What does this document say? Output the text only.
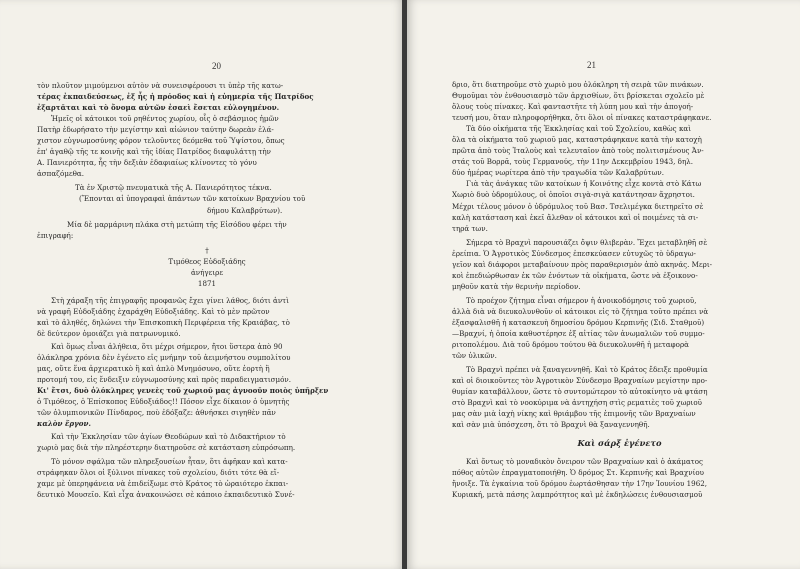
20

τὸν πλοῦτον μιμούμενοι αὐτὸν νὰ συνεισφέρουσι τι ὑπὲρ τῆς κατω-
τέρας ἐκπαιδεύσεως, ἐξ ἧς ἡ πρόοδος καὶ ἡ εὐημερία τῆς Πατρίδος
ἐξαρτᾶται καὶ τὸ ὄνομα αὐτῶν ἐσαεὶ ἔσεται εὐλογημένον.

Ἡμεῖς οἱ κάτοικοι τοῦ ρηθέντος χωρίου, οἷς ὁ σεβάσμιος ἡμῶν
Πατὴρ ἐδωρήσατο τὴν μεγίστην καὶ αἰώνιον ταύτην δωρεὰν ἐλά-
χιστον εὐγνωμοσύνης φόρον τελοῦντες δεόμεθα τοῦ Ὑψίστου, ὅπως
ἐπ' ἀγαθῷ τῆς τε κοινῆς καὶ τῆς ἰδίας Πατρίδος διαφυλάττῃ τὴν
Α. Πανιερότητα, ἧς τὴν δεξιὰν ἐδαφιαίως κλίνοντες τὸ γόνυ
ἀσπαζόμεθα.

Τὰ ἐν Χριστῷ πνευματικὰ τῆς Α. Πανιερότητος τέκνα.

(Ἕπονται αἱ ὑπογραφαὶ ἁπάντων τῶν κατοίκων Βραχνίου τοῦ
δήμου Καλαβρύτων).

Μία δὲ μαρμάρινη πλάκα στὴ μετώπη τῆς Εἰσόδου φέρει τὴν
ἐπιγραφή:

†
Τιμόθεος Εὐδοξιάδης
ἀνήγειρε
1871

Στὴ χάραξη τῆς ἐπιγραφῆς προφανῶς ἔχει γίνει λάθος, διότι ἀντὶ
νὰ γραφῆ Εὐδοξιάδης ἐχαράχθη Εὐδοξιάδης. Καὶ τὸ μὲν πρῶτον
καὶ τὸ ἀληθές, δηλώνει τὴν Ἐπισκοπικὴ Περιφέρεια τῆς Κραιάβας, τὸ
δὲ δεύτερον ὁμοιάζει γιὰ πατρωνυμικό.

Καὶ ὅμως εἶναι ἀλήθεια, ὅτι μέχρι σήμερον, ἤτοι ὕστερα ἀπὸ 90
ὁλάκληρα χρόνια δὲν ἐγένετο εἰς μνήμην τοῦ ἀειμνήστου συμπολίτου
μας, οὔτε ἕνα ἀρχιερατικὸ ἢ καὶ ἁπλὸ Μνημόσυνο, οὔτε ἑορτὴ ἢ
προτομή του, εἰς ἔνδειξιν εὐγνωμοσύνης καὶ πρὸς παραδειγματισμόν.
Κι' ἔτσι, δυὸ ὁλόκληρες γενεὲς τοῦ χωριοῦ μας ἀγνοοῦν ποιὸς ὑπῆρξεν
ὁ Τιμόθεος, ὁ Ἐπίσκοπος Εὐδοξιάδος!! Πόσον εἶχε δίκαιον ὁ ὑμνητὴς
τῶν ὀλυμπιονικῶν Πίνδαρος, ποὺ ἐδόξαζε: ἀθνήσκει σιγηθὲν πᾶν
καλὸν ἔργον.

Καὶ τὴν Ἐκκλησίαν τῶν ἁγίων Θεοδώρων καὶ τὸ Διδακτήριον τὸ
χωριὸ μας διὰ τὴν πληρέστερην διατηροῦσε σὲ κατάσταση εὐπρόσωπη.

Τὸ μόνον σφάλμα τῶν πληρεξουσίων ἦταν, ὅτι ἀφῆκαν καὶ κατα-
στράφηκαν ὅλοι οἱ ξύλινοι πίνακες τοῦ σχολείου, διότι τότε θὰ εἴ-
χαμε μὲ ὑπερηφάνεια νὰ ἐπιδείξωμε στὸ Κράτος τὸ ὡραιότερο ἐκπαι-
δευτικὸ Μουσεῖο. Καὶ εἶχα ἀνακοινώσει σὲ κάποιο ἐκπαιδευτικὸ Συνέ-

21

δριο, ὅτι διατηροῦμε στὸ χωριὸ μου ὁλόκληρη τὴ σειρὰ τῶν πινάκων.
Θυμοῦμαι τὸν ἐνθουσιασμὸ τῶν ἀρχισθίων, ὅτι βρίσκεται σχολεῖο μὲ
ὅλους τοὺς πίνακες. Καὶ φανταστῆτε τὴ λύπη μου καὶ τὴν ἀπογοή-
τευσή μου, ὅταν πληροφορήθηκα, ὅτι ὅλοι οἱ πίνακες καταστράφηκανε.

Τὰ δύο οἰκήματα τῆς Ἐκκλησίας καὶ τοῦ Σχολείου, καθὼς καὶ
ὅλα τὰ οἰκήματα τοῦ χωριοῦ μας, καταστράφηκανε κατὰ τὴν κατοχὴ
πρῶτα ἀπὸ τοὺς Ἰταλοὺς καὶ τελευταῖον ἀπὸ τοὺς πολιτισμένους Ἀν-
στάς τοῦ Βορρᾶ, τοὺς Γερμανούς, τὴν 11ην Δεκεμβρίου 1943, δηλ.
δύο ἡμέρας νωρίτερα ἀπὸ τὴν τραγωδία τῶν Καλαβρύτων.

Γιὰ τὰς ἀνάγκας τῶν κατοίκων ἡ Κοινότης εἶχε κοντὰ στὸ Κάτω
Χωριὸ δυὸ ὑδρομύλους, οἱ ὁποῖοι σιγὰ-σιγὰ κατάντησαν ἄχρηστοι.
Μέχρι τέλους μόνον ὁ ὑδρόμυλος τοῦ Βασ. Τσελιμέγκα διετηρεῖτο σὲ
καλὴ κατάσταση καὶ ἐκεῖ ἄλεθαν οἱ κάτοικοι καὶ οἱ ποιμένες τὰ σι-
τηρά των.

Σήμερα τὸ Βραχνὶ παρουσιάζει ὄψιν θλιβερὰν. Ἔχει μεταβληθῆ σὲ
ἐρείπια. Ὁ Ἀγροτικὸς Σύνδεσμος ἐπεσκεύασεν εὐτυχῶς τὸ ὑδραγω-
γεῖον καὶ διάφοροι μεταβαίνουν πρὸς παραθερισμὸν ἀπὸ ακηνάς. Μερι-
κοὶ ἐπεδιώρθωσαν ἐκ τῶν ἐνόντων τὰ οἰκήματα, ὥστε νὰ ἐξοικονο-
μηθοῦν κατὰ τὴν θερινὴν περίοδον.

Τὸ προέχον ζήτημα εἶναι σήμερον ἡ ἀνοικοδόμησις τοῦ χωριοῦ,
ἀλλὰ διὰ νὰ διευκολυνθοῦν οἱ κάτοικοι εἰς τὸ ζήτημα τοῦτο πρέπει νὰ
ἐξασφαλισθῆ ἡ κατασκευὴ δημοσίου δρόμου Κερπινῆς (Σιδ. Σταθμοῦ)
—Βραχνί, ἡ ὁποία καθυστέρησε ἐξ αἰτίας τῶν ἀνωμαλιῶν τοῦ συμμο-
ριτοπολέμου. Διὰ τοῦ δρόμου τούτου θὰ διευκολυνθῆ ἡ μεταφορὰ
τῶν ὑλικῶν.

Τὸ Βραχνὶ πρέπει νὰ ξαναγεννηθῆ. Καὶ τὸ Κράτος ἔδειξε προθυμία
καὶ οἱ διοικοῦντες τὸν Ἀγροτικὸν Σύνδεσμο Βραχναίων μεγίστην προ-
θυμίαν καταβάλλουν, ὥστε τὸ συντομώτερον τὸ αὐτοκίνητο νὰ φτάση
στὸ Βραχνὶ καὶ τὸ νοοκύριμα νὰ ἀντηχήση στὶς ρεματιὲς τοῦ χωριοῦ
μας σὰν μιὰ ἰαχὴ νίκης καὶ θριάμβου τῆς ἐπιμονῆς τῶν Βραχναίων
καὶ σὰν μιὰ ὑπόσχεση, ὅτι τὸ Βραχνὶ θὰ ξαναγεννηθῆ.

Καὶ σάρξ ἐγένετο

Καὶ ὄντως τὸ μοναδικὸν ὄνειρον τῶν Βραχναίων καὶ ὁ ἀκάματος
πόθος αὐτῶν ἐπραγματοποιήθη. Ὁ δρόμος Στ. Κερπινῆς καὶ Βραχνίου
ἤνοιξε. Τὰ ἐγκαίνια τοῦ δρόμου ἑωρτάσθησαν τὴν 17ην Ἰουνίου 1962,
Κυριακή, μετὰ πάσης λαμπρότητος καὶ μὲ ἐκδηλώσεις ἐνθουσιασμοῦ
